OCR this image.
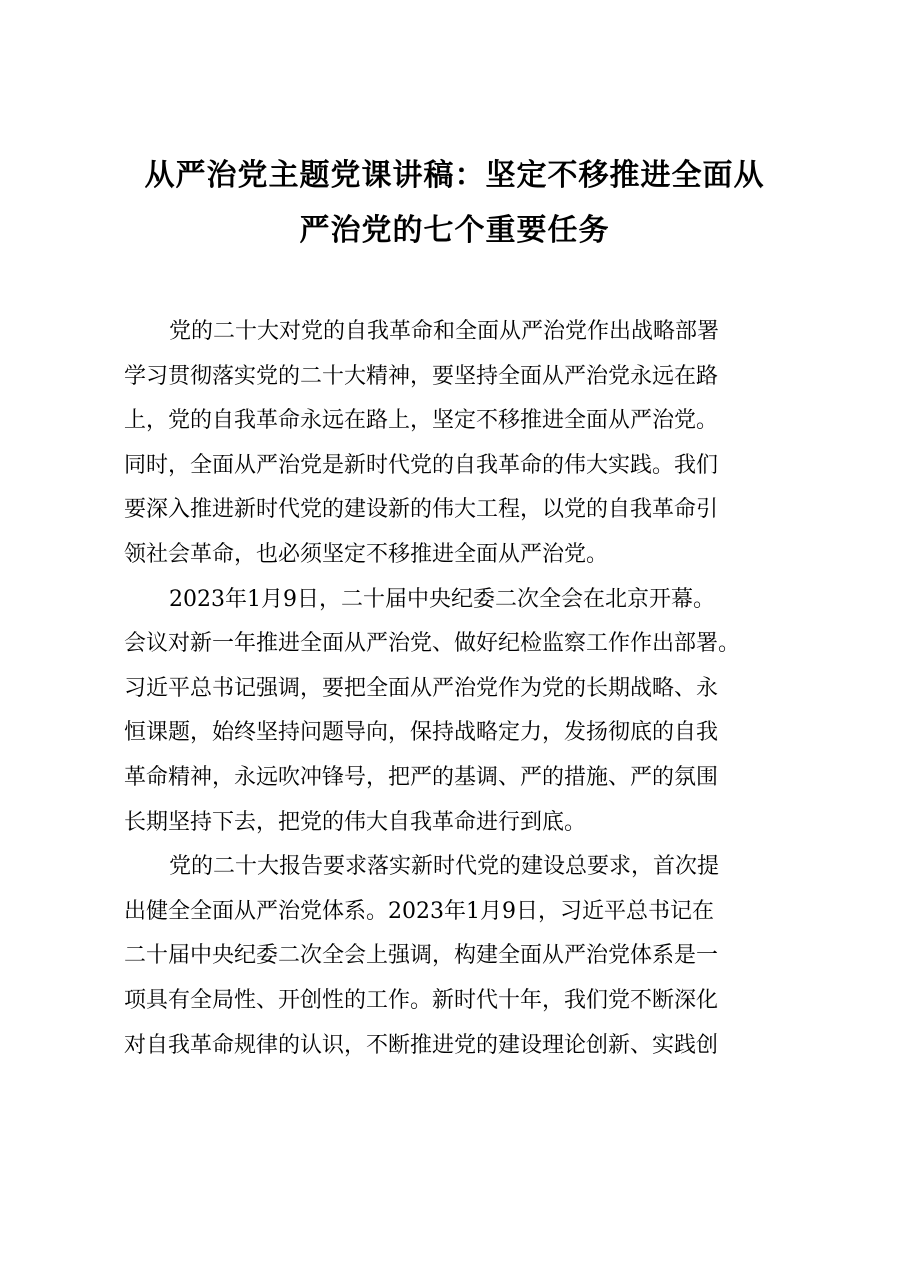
从严治党主题党课讲稿：坚定不移推进全面从
严治党的七个重要任务
党的二十大对党的自我革命和全面从严治党作出战略部署
学习贯彻落实党的二十大精神，要坚持全面从严治党永远在路
上，党的自我革命永远在路上，坚定不移推进全面从严治党。
同时，全面从严治党是新时代党的自我革命的伟大实践。我们
要深入推进新时代党的建设新的伟大工程，以党的自我革命引
领社会革命，也必须坚定不移推进全面从严治党。
2023年1月9日，二十届中央纪委二次全会在北京开幕。
会议对新一年推进全面从严治党、做好纪检监察工作作出部署。
习近平总书记强调，要把全面从严治党作为党的长期战略、永
恒课题，始终坚持问题导向，保持战略定力，发扬彻底的自我
革命精神，永远吹冲锋号，把严的基调、严的措施、严的氛围
长期坚持下去，把党的伟大自我革命进行到底。
党的二十大报告要求落实新时代党的建设总要求，首次提
出健全全面从严治党体系。2023年1月9日，习近平总书记在
二十届中央纪委二次全会上强调，构建全面从严治党体系是一
项具有全局性、开创性的工作。新时代十年，我们党不断深化
对自我革命规律的认识，不断推进党的建设理论创新、实践创
